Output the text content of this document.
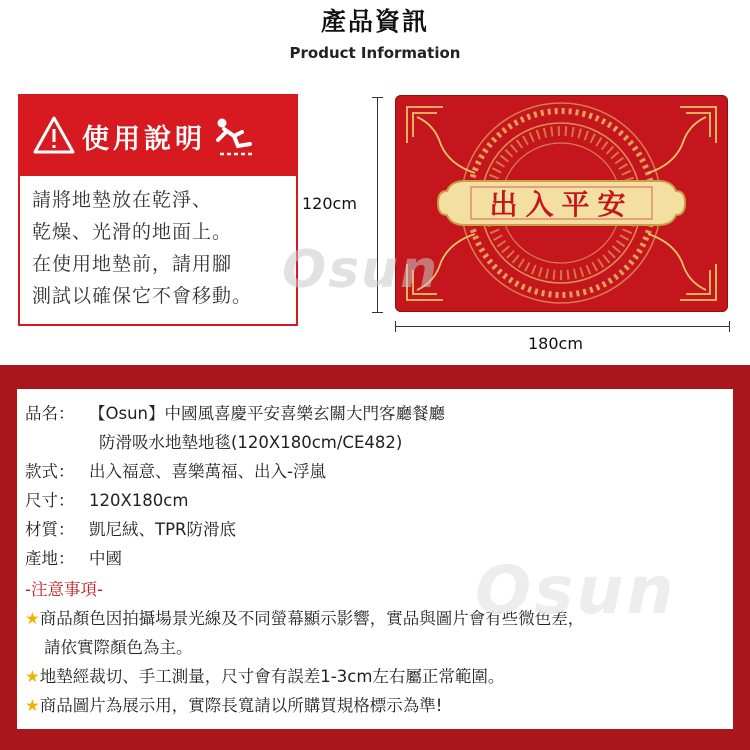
產品資訊
Product Information
使用說明
請將地墊放在乾淨、
乾燥、光滑的地面上。
在使用地墊前，請用腳
測試以確保它不會移動。
出入平安
120cm
180cm
Osun
品名： 【Osun】中國風喜慶平安喜樂玄關大門客廳餐廳
防滑吸水地墊地毯(120X180cm/CE482)
款式： 出入福意、喜樂萬福、出入-浮嵐
尺寸： 120X180cm
材質： 凱尼絨、TPR防滑底
產地： 中國
-注意事項-
★商品顏色因拍攝場景光線及不同螢幕顯示影響，實品與圖片會有些微色差，
請依實際顏色為主。
★地墊經裁切、手工測量，尺寸會有誤差1-3cm左右屬正常範圍。
★商品圖片為展示用，實際長寬請以所購買規格標示為準!
Osun
